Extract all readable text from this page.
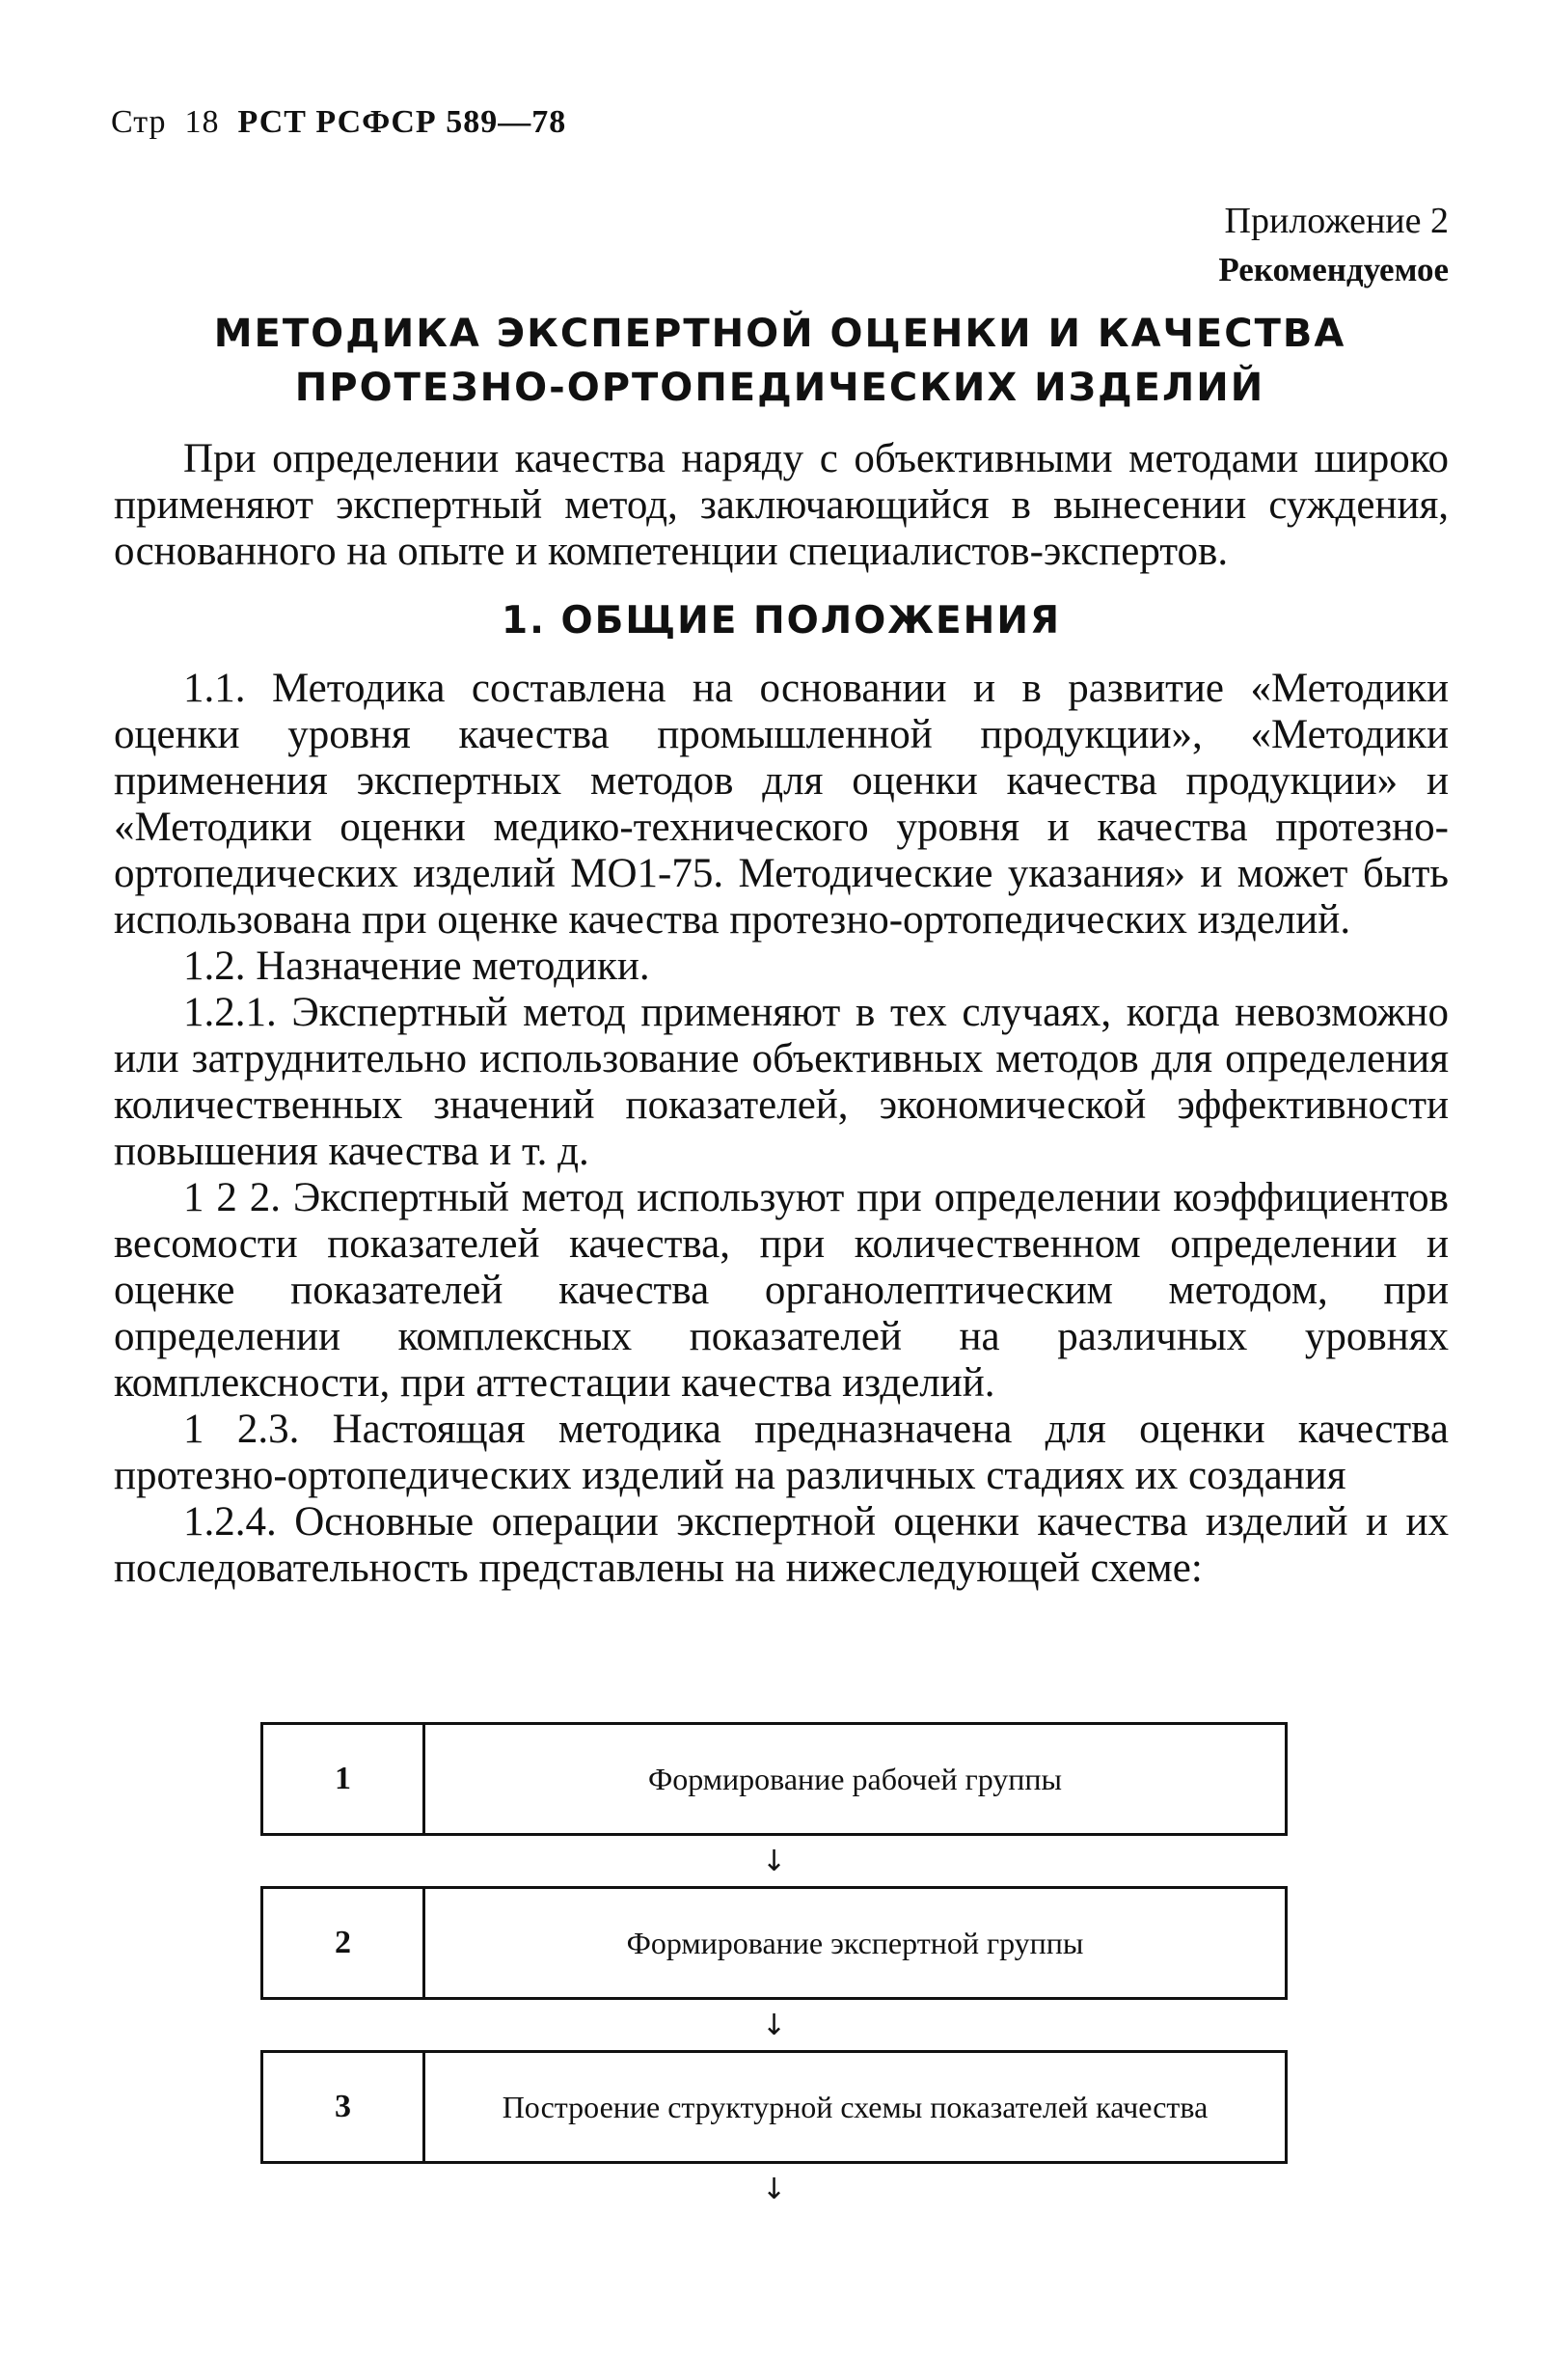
Стр 18 РСТ РСФСР 589—78
Приложение 2
Рекомендуемое
МЕТОДИКА ЭКСПЕРТНОЙ ОЦЕНКИ И КАЧЕСТВА
ПРОТЕЗНО-ОРТОПЕДИЧЕСКИХ ИЗДЕЛИЙ

При определении качества наряду с объективными методами широко применяют экспертный метод, заключающийся в вынесении суждения, основанного на опыте и компетенции специалистов-экспертов.

1. ОБЩИЕ ПОЛОЖЕНИЯ

1.1. Методика составлена на основании и в развитие «Методики оценки уровня качества промышленной продукции», «Методики применения экспертных методов для оценки качества продукции» и «Методики оценки медико-технического уровня и качества протезно-ортопедических изделий МО1-75. Методические указания» и может быть использована при оценке качества протезно-ортопедических изделий.

1.2. Назначение методики.

1.2.1. Экспертный метод применяют в тех случаях, когда невозможно или затруднительно использование объективных методов для определения количественных значений показателей, экономической эффективности повышения качества и т. д.

1 2 2. Экспертный метод используют при определении коэффициентов весомости показателей качества, при количественном определении и оценке показателей качества органолептическим методом, при определении комплексных показателей на различных уровнях комплексности, при аттестации качества изделий.

1 2.3. Настоящая методика предназначена для оценки качества протезно-ортопедических изделий на различных стадиях их создания

1.2.4. Основные операции экспертной оценки качества изделий и их последовательность представлены на нижеследующей схеме:

1	Формирование рабочей группы
↓
2	Формирование экспертной группы
↓
3	Построение структурной схемы показателей качества
↓
